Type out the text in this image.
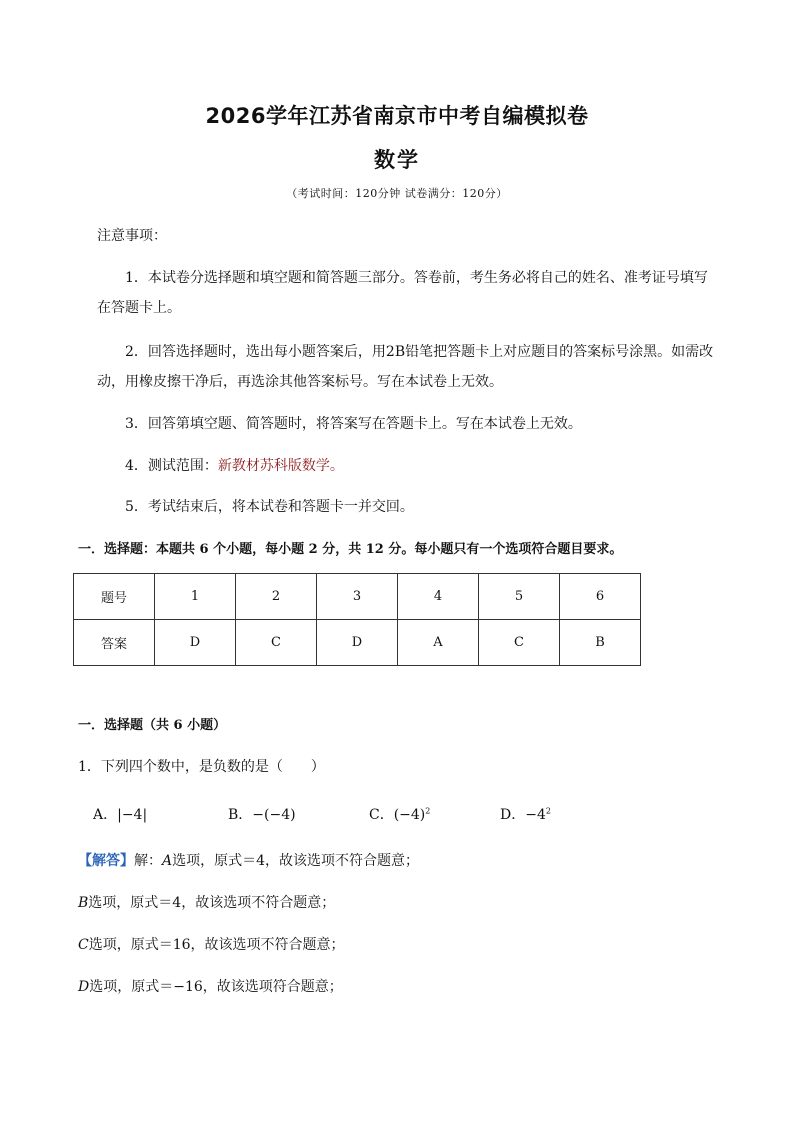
2026学年江苏省南京市中考自编模拟卷
数学
（考试时间：120分钟 试卷满分：120分）
注意事项：
1．本试卷分选择题和填空题和简答题三部分。答卷前，考生务必将自己的姓名、准考证号填写在答题卡上。
2．回答选择题时，选出每小题答案后，用2B铅笔把答题卡上对应题目的答案标号涂黑。如需改动，用橡皮擦干净后，再选涂其他答案标号。写在本试卷上无效。
3．回答第填空题、简答题时，将答案写在答题卡上。写在本试卷上无效。
4．测试范围：新教材苏科版数学。
5．考试结束后，将本试卷和答题卡一并交回。
一．选择题：本题共 6 个小题，每小题 2 分，共 12 分。每小题只有一个选项符合题目要求。
题号	1	2	3	4	5	6
答案	D	C	D	A	C	B
一．选择题（共 6 小题）
1．下列四个数中，是负数的是（　　）
A．|−4|	B．−(−4)	C．$(-4)^2$	D．$-4^2$
【解答】解：A选项，原式＝4，故该选项不符合题意；
B选项，原式＝4，故该选项不符合题意；
C选项，原式＝16，故该选项不符合题意；
D选项，原式＝−16，故该选项符合题意；
